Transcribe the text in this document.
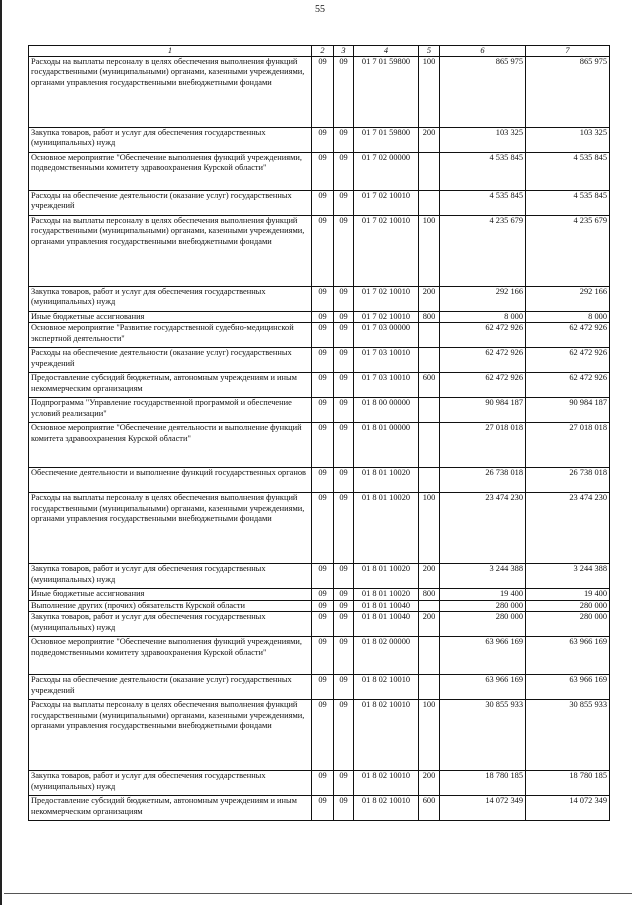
55
1	2	3	4	5	6	7
Расходы на выплаты персоналу в целях обеспечения выполнения функций государственными (муниципальными) органами, казенными учреждениями, органами управления государственными внебюджетными фондами	09	09	01 7 01 59800	100	865 975	865 975
Закупка товаров, работ и услуг для обеспечения государственных (муниципальных) нужд	09	09	01 7 01 59800	200	103 325	103 325
Основное мероприятие "Обеспечение выполнения функций учреждениями, подведомственными комитету здравоохранения Курской области"	09	09	01 7 02 00000		4 535 845	4 535 845
Расходы на обеспечение деятельности (оказание услуг) государственных учреждений	09	09	01 7 02 10010		4 535 845	4 535 845
Расходы на выплаты персоналу в целях обеспечения выполнения функций государственными (муниципальными) органами, казенными учреждениями, органами управления государственными внебюджетными фондами	09	09	01 7 02 10010	100	4 235 679	4 235 679
Закупка товаров, работ и услуг для обеспечения государственных (муниципальных) нужд	09	09	01 7 02 10010	200	292 166	292 166
Иные бюджетные ассигнования	09	09	01 7 02 10010	800	8 000	8 000
Основное мероприятие "Развитие государственной судебно-медицинской экспертной деятельности"	09	09	01 7 03 00000		62 472 926	62 472 926
Расходы на обеспечение деятельности (оказание услуг) государственных учреждений	09	09	01 7 03 10010		62 472 926	62 472 926
Предоставление субсидий бюджетным, автономным учреждениям и иным некоммерческим организациям	09	09	01 7 03 10010	600	62 472 926	62 472 926
Подпрограмма "Управление государственной программой и обеспечение условий реализации"	09	09	01 8 00 00000		90 984 187	90 984 187
Основное мероприятие "Обеспечение деятельности и выполнение функций комитета здравоохранения Курской области"	09	09	01 8 01 00000		27 018 018	27 018 018
Обеспечение деятельности и выполнение функций государственных органов	09	09	01 8 01 10020		26 738 018	26 738 018
Расходы на выплаты персоналу в целях обеспечения выполнения функций государственными (муниципальными) органами, казенными учреждениями, органами управления государственными внебюджетными фондами	09	09	01 8 01 10020	100	23 474 230	23 474 230
Закупка товаров, работ и услуг для обеспечения государственных (муниципальных) нужд	09	09	01 8 01 10020	200	3 244 388	3 244 388
Иные бюджетные ассигнования	09	09	01 8 01 10020	800	19 400	19 400
Выполнение других (прочих) обязательств Курской области	09	09	01 8 01 10040		280 000	280 000
Закупка товаров, работ и услуг для обеспечения государственных (муниципальных) нужд	09	09	01 8 01 10040	200	280 000	280 000
Основное мероприятие "Обеспечение выполнения функций учреждениями, подведомственными комитету здравоохранения Курской области"	09	09	01 8 02 00000		63 966 169	63 966 169
Расходы на обеспечение деятельности (оказание услуг) государственных учреждений	09	09	01 8 02 10010		63 966 169	63 966 169
Расходы на выплаты персоналу в целях обеспечения выполнения функций государственными (муниципальными) органами, казенными учреждениями, органами управления государственными внебюджетными фондами	09	09	01 8 02 10010	100	30 855 933	30 855 933
Закупка товаров, работ и услуг для обеспечения государственных (муниципальных) нужд	09	09	01 8 02 10010	200	18 780 185	18 780 185
Предоставление субсидий бюджетным, автономным учреждениям и иным некоммерческим организациям	09	09	01 8 02 10010	600	14 072 349	14 072 349
